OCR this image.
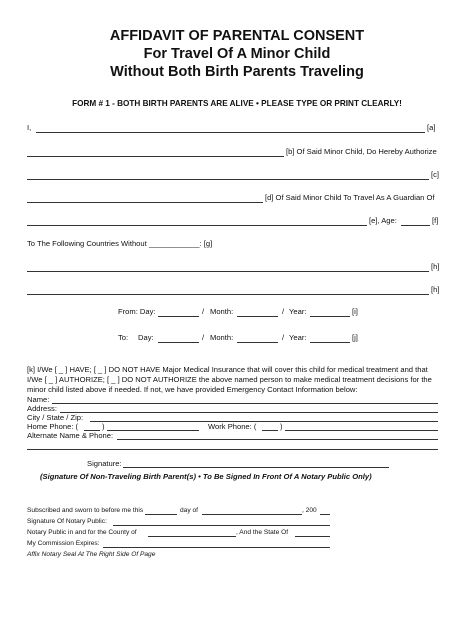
AFFIDAVIT OF PARENTAL CONSENT
For Travel Of A Minor Child
Without Both Birth Parents Traveling
FORM # 1 - BOTH BIRTH PARENTS ARE ALIVE • PLEASE TYPE OR PRINT CLEARLY!
I,	[a]
[b] Of Said Minor Child, Do Hereby Authorize
[c]
[d] Of Said Minor Child To Travel As A Guardian Of
[e], Age:	[f]
To The Following Countries Without ____________: [g]
[h]
[h]
From: Day:	/ Month:	/ Year:	[i]
To: Day:	/ Month:	/ Year:	[j]
[k] I/We [ _ ] HAVE; [ _ ] DO NOT HAVE Major Medical Insurance that will cover this child for medical treatment and that
I/We [ _ ] AUTHORIZE; [ _ ] DO NOT AUTHORIZE the above named person to make medical treatment decisions for the
minor child listed above if needed. If not, we have provided Emergency Contact Information below:
Name:
Address:
City / State / Zip:
Home Phone: (	)	Work Phone: (	)
Alternate Name & Phone:
Signature:
(Signature Of Non-Traveling Birth Parent(s) • To Be Signed In Front Of A Notary Public Only)
Subscribed and sworn to before me this	day of	, 200
Signature Of Notary Public:
Notary Public in and for the County of	, And the State Of
My Commission Expires:
Affix Notary Seal At The Right Side Of Page
